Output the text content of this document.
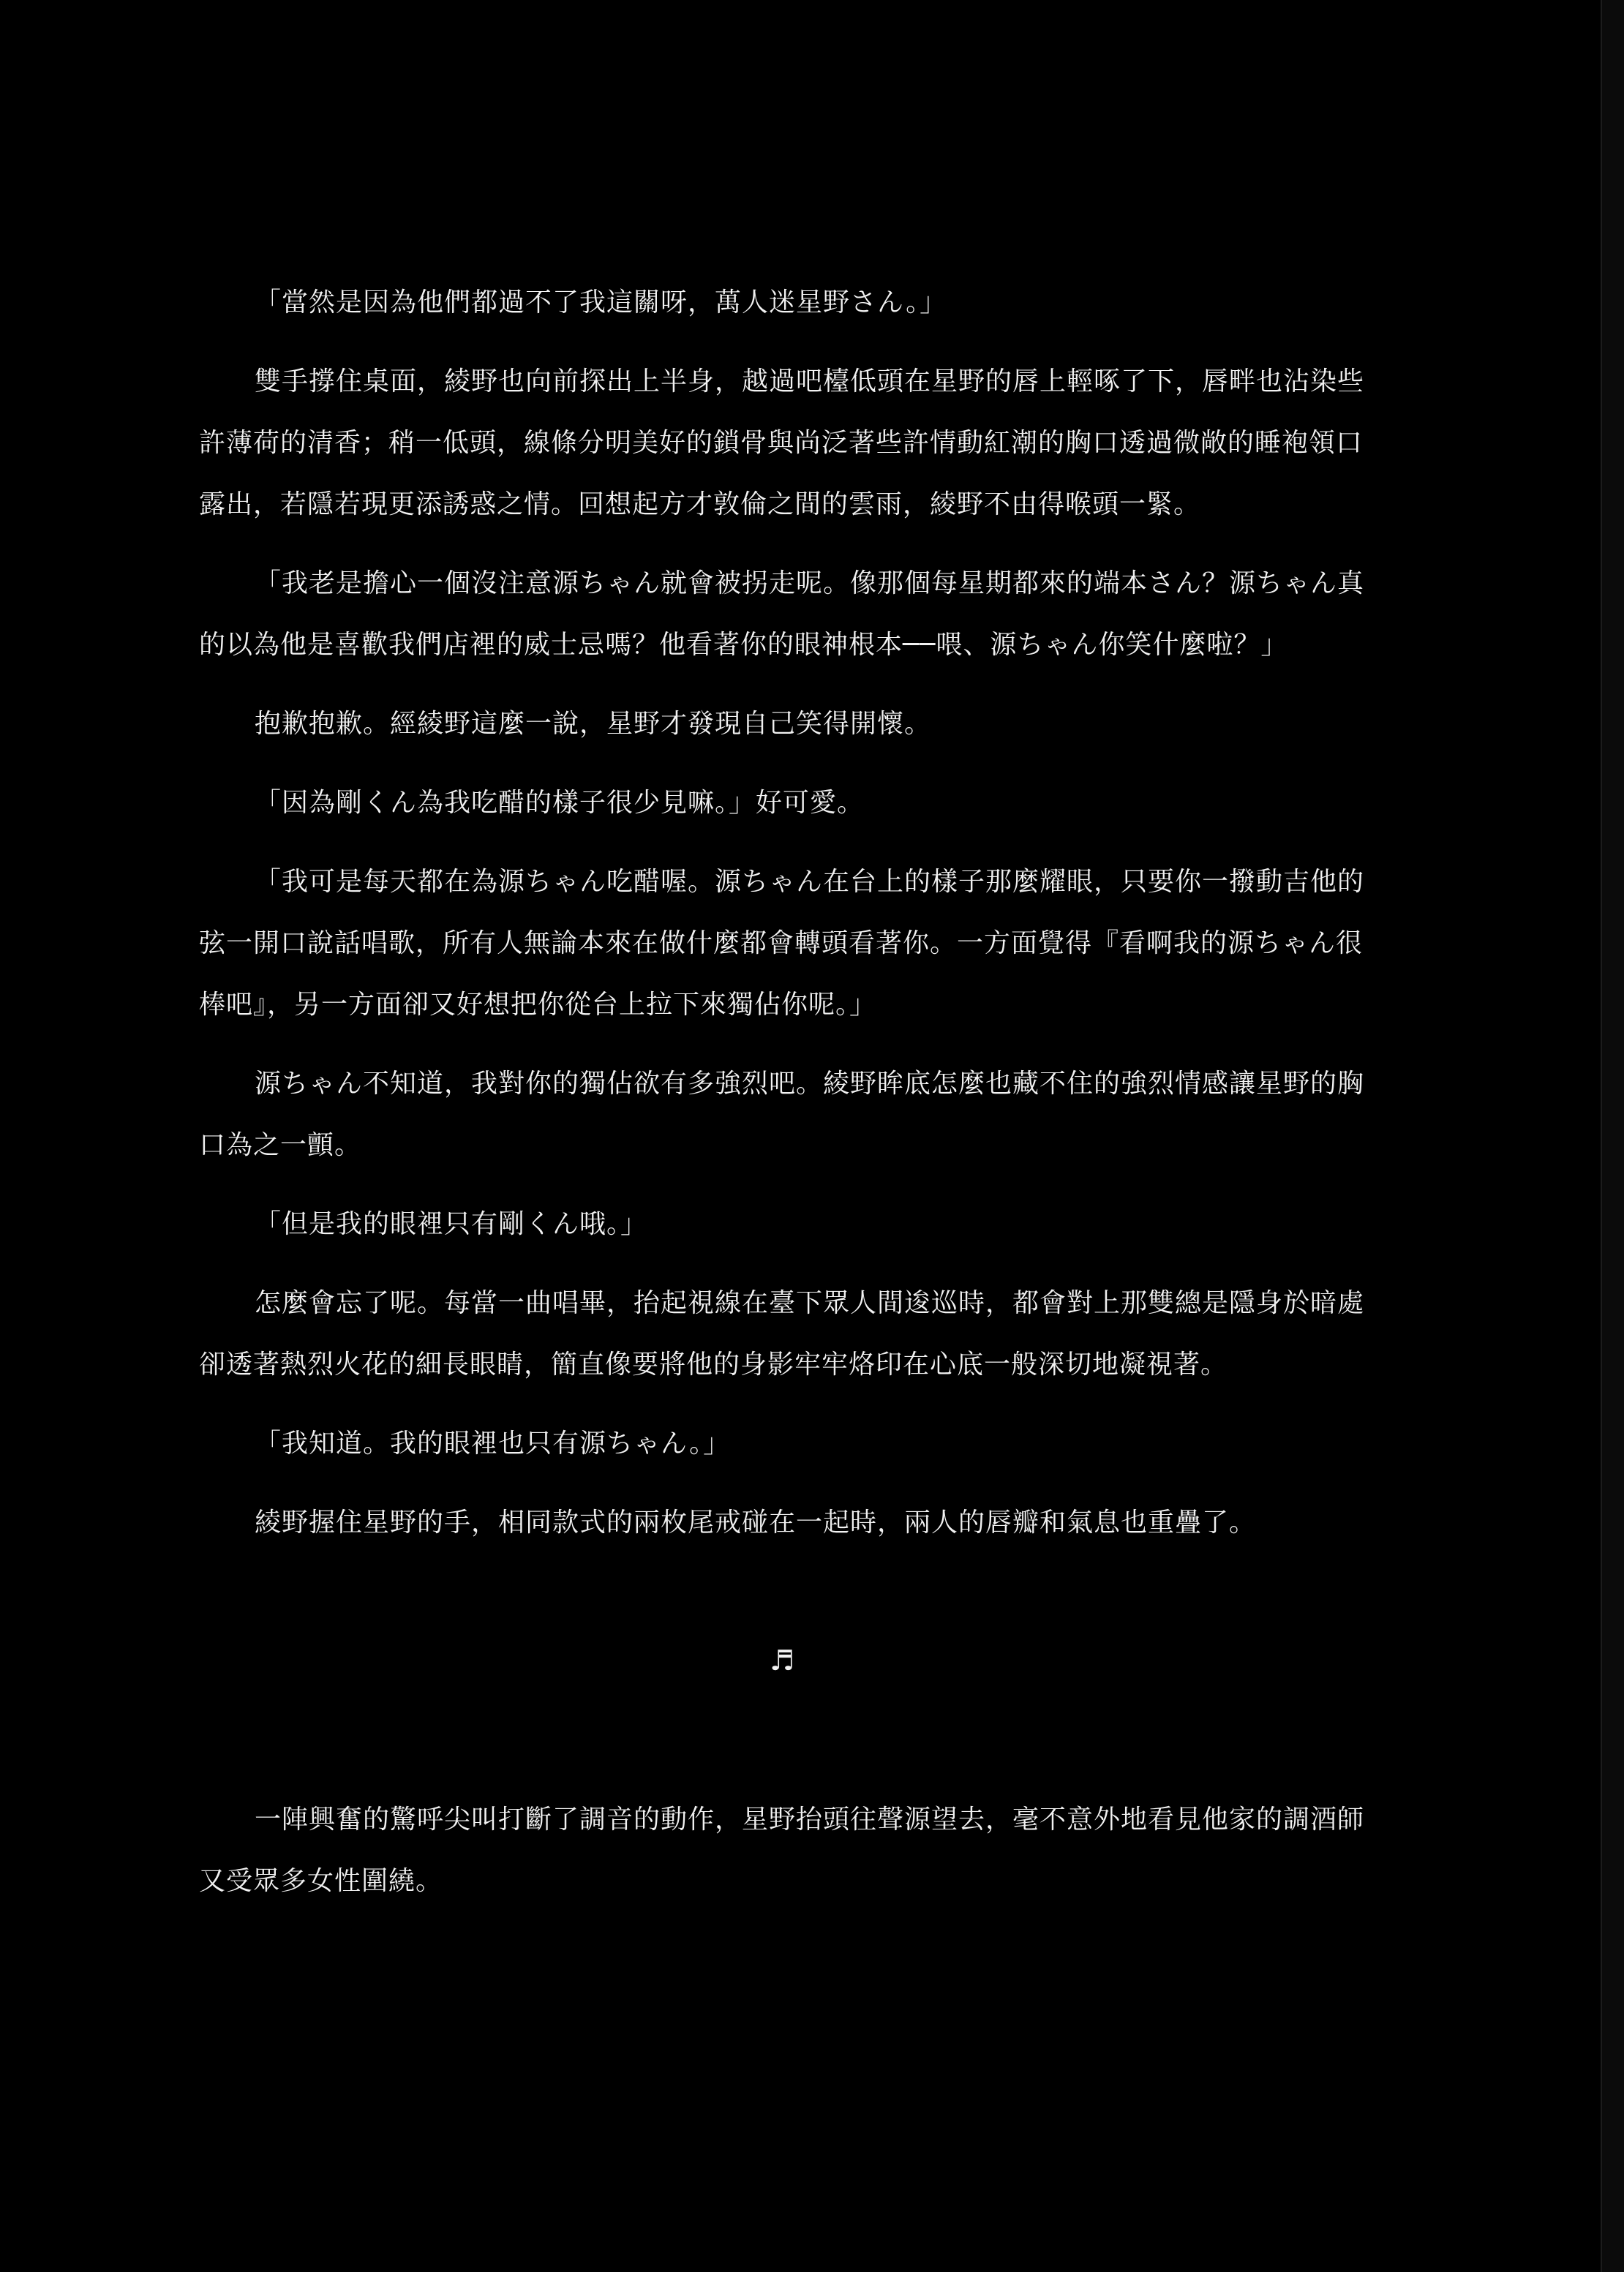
「當然是因為他們都過不了我這關呀，萬人迷星野さん。」

雙手撐住桌面，綾野也向前探出上半身，越過吧檯低頭在星野的唇上輕啄了下，唇畔也沾染些許薄荷的清香；稍一低頭，線條分明美好的鎖骨與尚泛著些許情動紅潮的胸口透過微敞的睡袍領口露出，若隱若現更添誘惑之情。回想起方才敦倫之間的雲雨，綾野不由得喉頭一緊。

「我老是擔心一個沒注意源ちゃん就會被拐走呢。像那個每星期都來的端本さん？源ちゃん真的以為他是喜歡我們店裡的威士忌嗎？他看著你的眼神根本──喂、源ちゃん你笑什麼啦？」

抱歉抱歉。經綾野這麼一說，星野才發現自己笑得開懷。

「因為剛くん為我吃醋的樣子很少見嘛。」好可愛。

「我可是每天都在為源ちゃん吃醋喔。源ちゃん在台上的樣子那麼耀眼，只要你一撥動吉他的弦一開口說話唱歌，所有人無論本來在做什麼都會轉頭看著你。一方面覺得『看啊我的源ちゃん很棒吧』，另一方面卻又好想把你從台上拉下來獨佔你呢。」

源ちゃん不知道，我對你的獨佔欲有多強烈吧。綾野眸底怎麼也藏不住的強烈情感讓星野的胸口為之一顫。

「但是我的眼裡只有剛くん哦。」

怎麼會忘了呢。每當一曲唱畢，抬起視線在臺下眾人間逡巡時，都會對上那雙總是隱身於暗處卻透著熱烈火花的細長眼睛，簡直像要將他的身影牢牢烙印在心底一般深切地凝視著。

「我知道。我的眼裡也只有源ちゃん。」

綾野握住星野的手，相同款式的兩枚尾戒碰在一起時，兩人的唇瓣和氣息也重疊了。

♬

一陣興奮的驚呼尖叫打斷了調音的動作，星野抬頭往聲源望去，毫不意外地看見他家的調酒師又受眾多女性圍繞。
